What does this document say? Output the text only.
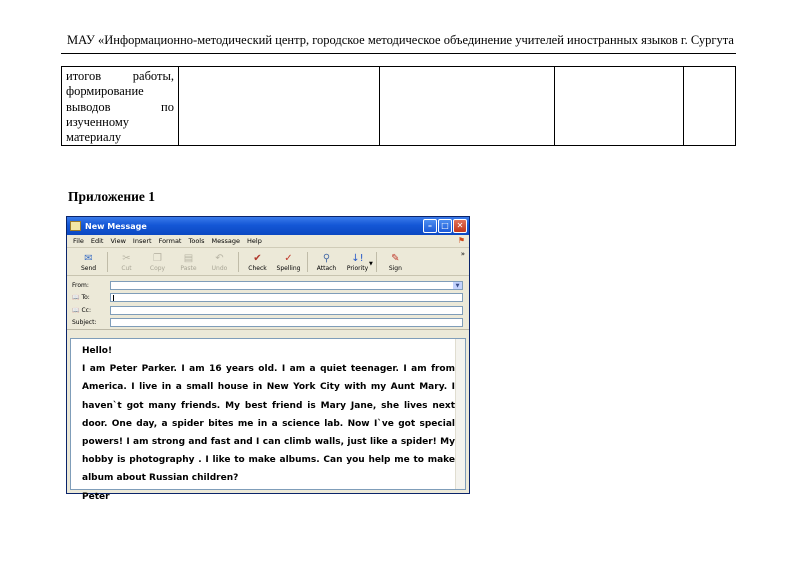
МАУ «Информационно-методический центр, городское методическое объединение учителей иностранных языков г. Сургута
итогов работы,
формирование
выводов по
изученному
материалу

Приложение 1
New Message	–	□ ✕
File Edit View Insert Format Tools Message Help	⚑
✉
Send
✂
Cut
❐
Copy
▤
Paste
↶
Undo
✔
Check
✓
Spelling
⚲
Attach
↓!
Priority
▼ ✎
Sign
»
From:	▼
📖 To:
📖 Cc:
Subject:

Hello!

I am Peter Parker. I am 16 years old. I am a quiet teenager. I am from America. I live in a small house in New York City with my Aunt Mary. I haven`t got many friends. My best friend is Mary Jane, she lives next door. One day, a spider bites me in a science lab. Now I`ve got special powers! I am strong and fast and I can climb walls, just like a spider! My hobby is photography . I like to make albums. Can you help me to make album about Russian children?

Peter
